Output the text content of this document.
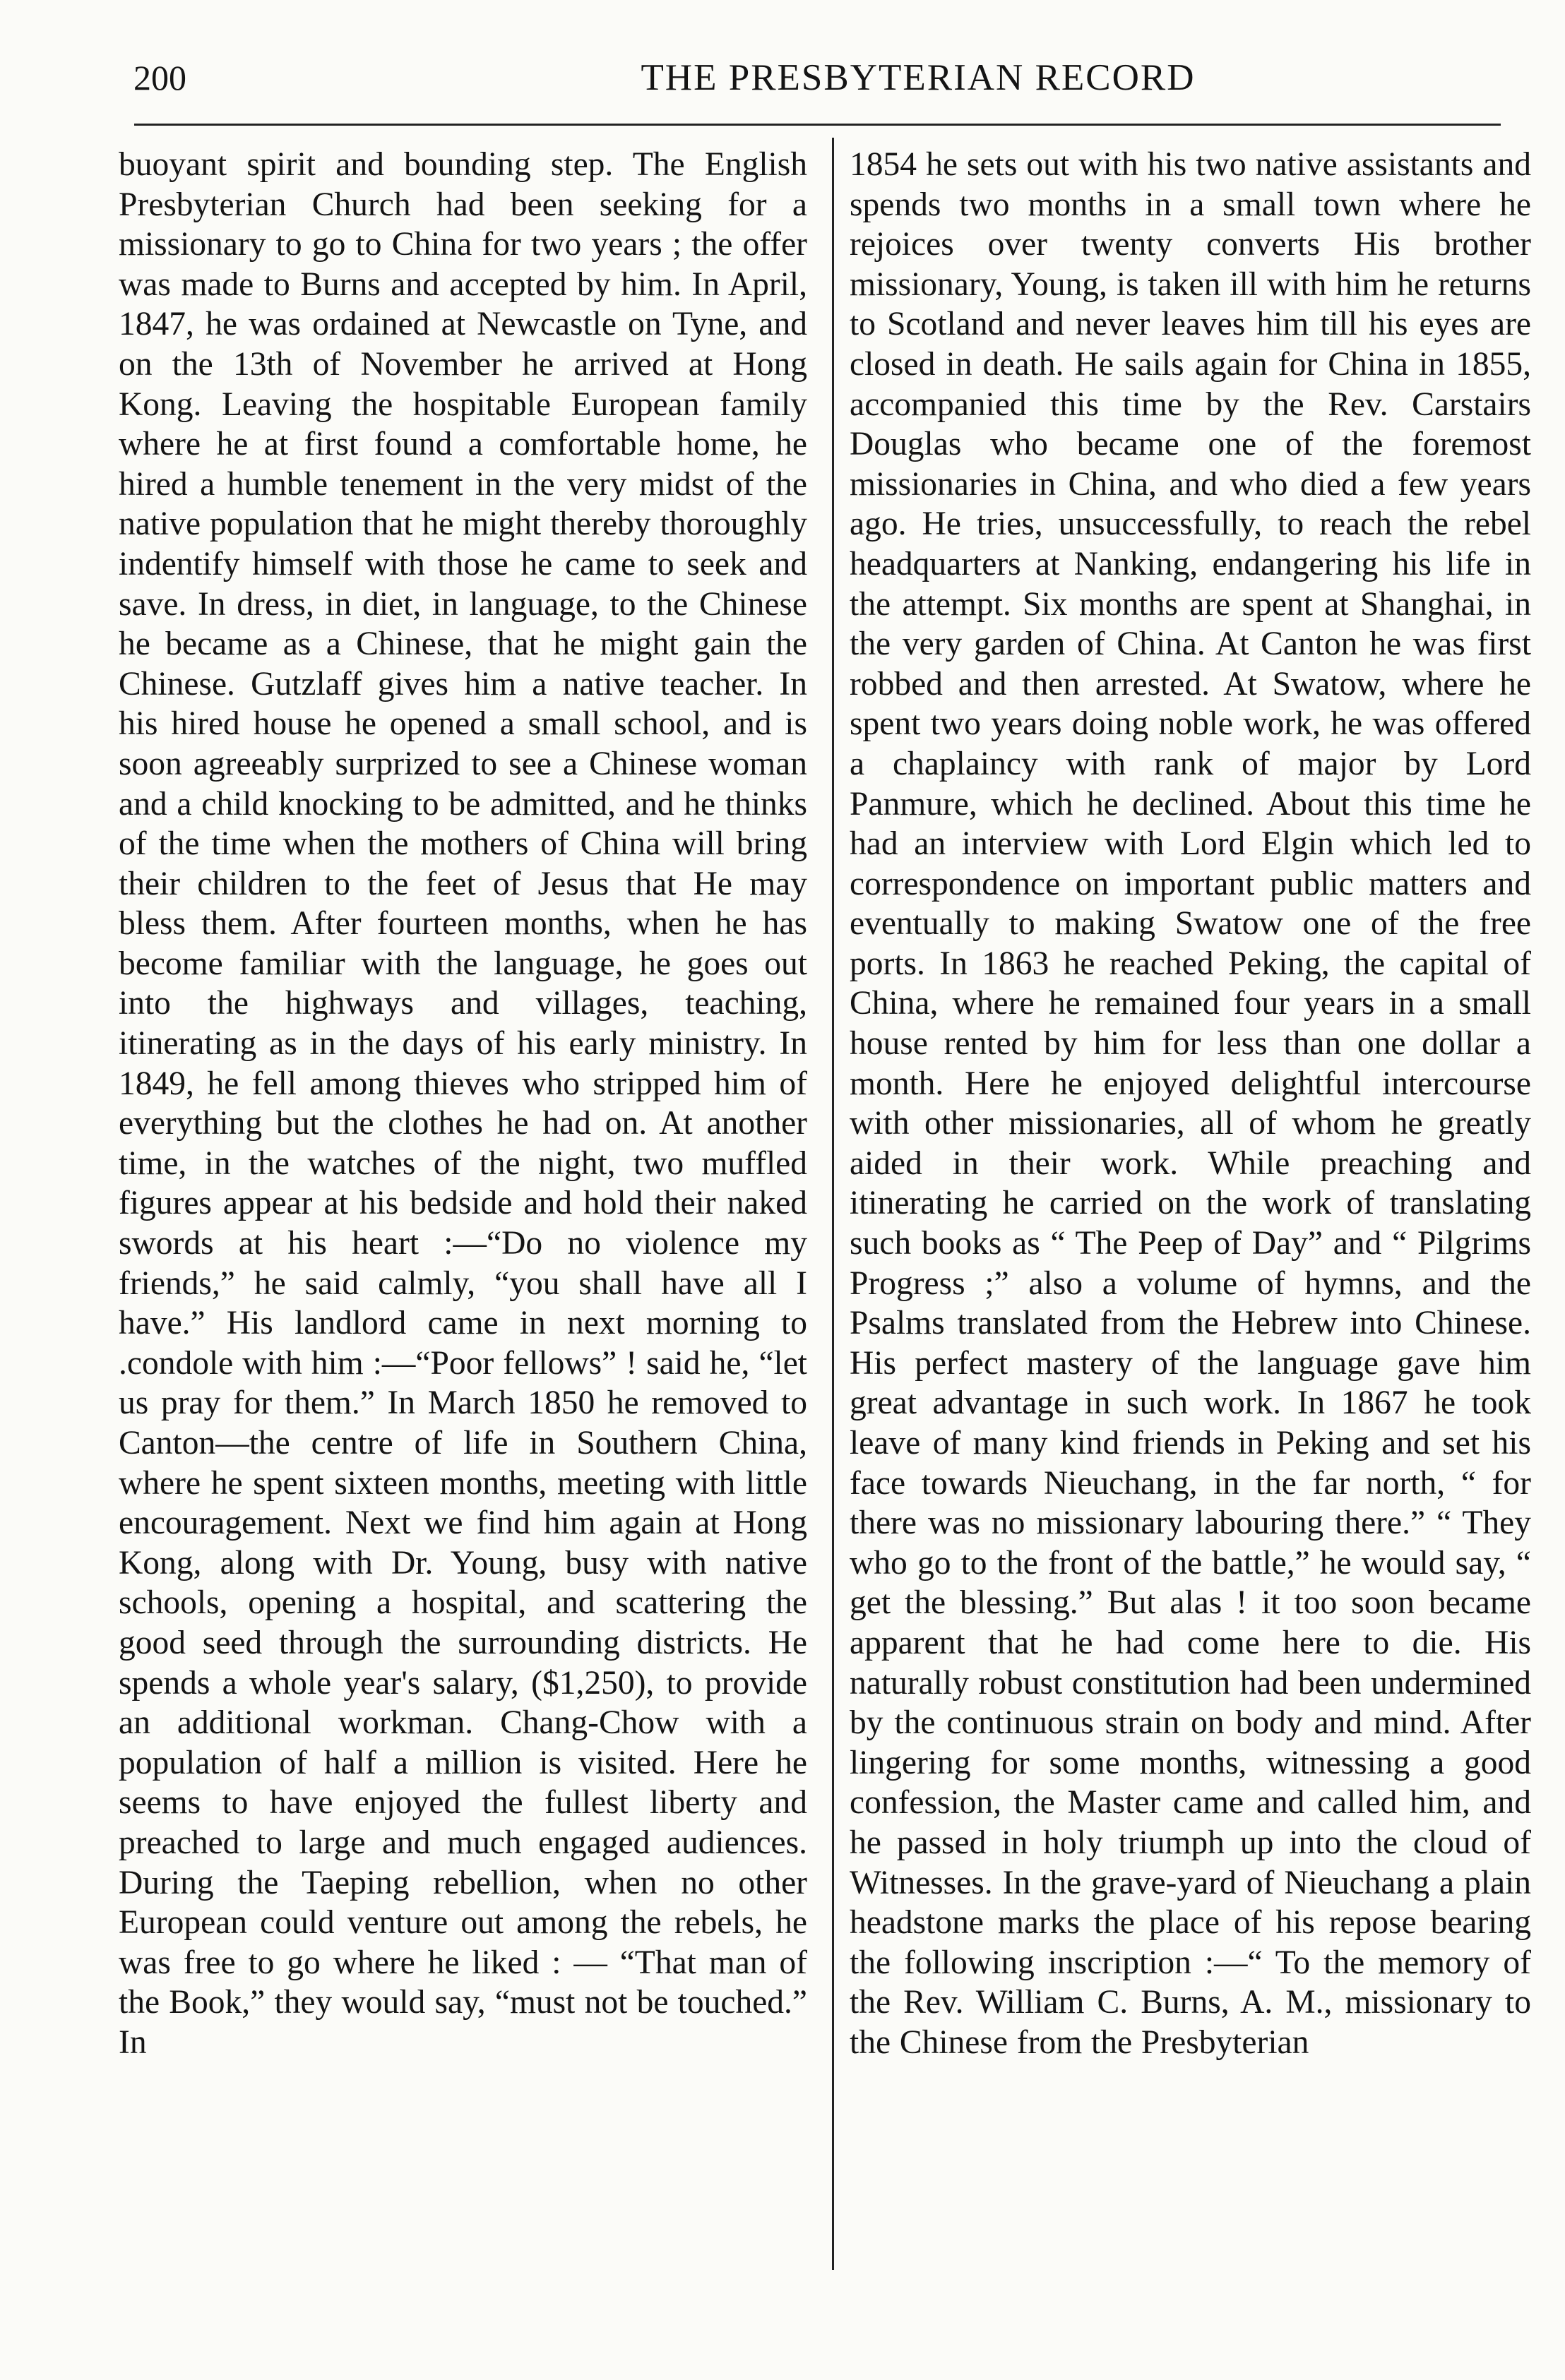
200	THE PRESBYTERIAN RECORD

buoyant spirit and bounding step. The English Presbyterian Church had been seeking for a missionary to go to China for two years ; the offer was made to Burns and accepted by him. In April, 1847, he was ordained at Newcastle on Tyne, and on the 13th of November he arrived at Hong Kong. Leaving the hospitable European family where he at first found a comfortable home, he hired a humble tenement in the very midst of the native population that he might thereby thoroughly indentify himself with those he came to seek and save. In dress, in diet, in language, to the Chinese he became as a Chinese, that he might gain the Chinese. Gutzlaff gives him a native teacher. In his hired house he opened a small school, and is soon agreeably surprized to see a Chinese woman and a child knocking to be admitted, and he thinks of the time when the mothers of China will bring their children to the feet of Jesus that He may bless them. After fourteen months, when he has become familiar with the language, he goes out into the highways and villages, teaching, itinerating as in the days of his early ministry. In 1849, he fell among thieves who stripped him of everything but the clothes he had on. At another time, in the watches of the night, two muffled figures appear at his bedside and hold their naked swords at his heart :—“Do no violence my friends,” he said calmly, “you shall have all I have.” His landlord came in next morning to .condole with him :—“Poor fellows” ! said he, “let us pray for them.” In March 1850 he removed to Canton—the centre of life in Southern China, where he spent sixteen months, meeting with little encouragement. Next we find him again at Hong Kong, along with Dr. Young, busy with native schools, opening a hospital, and scattering the good seed through the surrounding districts. He spends a whole year's salary, ($1,250), to provide an additional workman. Chang-Chow with a population of half a million is visited. Here he seems to have enjoyed the fullest liberty and preached to large and much engaged audiences. During the Taeping rebellion, when no other European could venture out among the rebels, he was free to go where he liked : — “That man of the Book,” they would say, “must not be touched.” In

1854 he sets out with his two native assistants and spends two months in a small town where he rejoices over twenty converts His brother missionary, Young, is taken ill with him he returns to Scotland and never leaves him till his eyes are closed in death. He sails again for China in 1855, accompanied this time by the Rev. Carstairs Douglas who became one of the foremost missionaries in China, and who died a few years ago. He tries, unsuccessfully, to reach the rebel headquarters at Nanking, endangering his life in the attempt. Six months are spent at Shanghai, in the very garden of China. At Canton he was first robbed and then arrested. At Swatow, where he spent two years doing noble work, he was offered a chaplaincy with rank of major by Lord Panmure, which he declined. About this time he had an interview with Lord Elgin which led to correspondence on important public matters and eventually to making Swatow one of the free ports. In 1863 he reached Peking, the capital of China, where he remained four years in a small house rented by him for less than one dollar a month. Here he enjoyed delightful intercourse with other missionaries, all of whom he greatly aided in their work. While preaching and itinerating he carried on the work of translating such books as “ The Peep of Day” and “ Pilgrims Progress ;” also a volume of hymns, and the Psalms translated from the Hebrew into Chinese. His perfect mastery of the language gave him great advantage in such work. In 1867 he took leave of many kind friends in Peking and set his face towards Nieuchang, in the far north, “ for there was no missionary labouring there.” “ They who go to the front of the battle,” he would say, “ get the blessing.” But alas ! it too soon became apparent that he had come here to die. His naturally robust constitution had been undermined by the continuous strain on body and mind. After lingering for some months, witnessing a good confession, the Master came and called him, and he passed in holy triumph up into the cloud of Witnesses. In the grave-yard of Nieuchang a plain headstone marks the place of his repose bearing the following inscription :—“ To the memory of the Rev. William C. Burns, A. M., missionary to the Chinese from the Presbyterian
